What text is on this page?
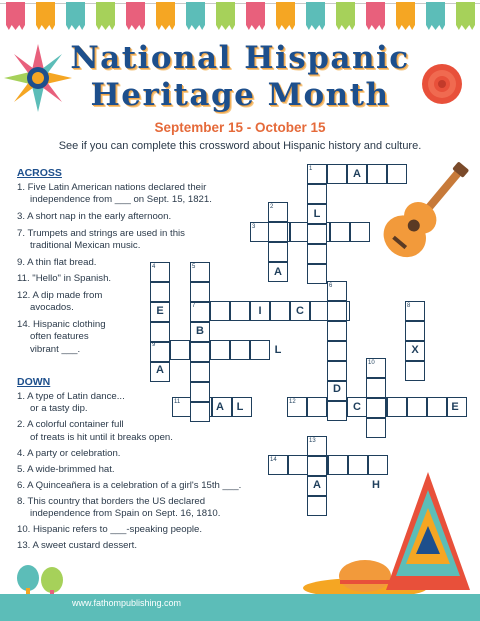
National Hispanic
Heritage Month
September 15 - October 15
See if you can complete this crossword about Hispanic history and culture.
ACROSS
1. Five Latin American nations declared their
independence from ___ on Sept. 15, 1821.
3. A short nap in the early afternoon.
7. Trumpets and strings are used in this
traditional Mexican music.
9. A thin flat bread.
11. "Hello" in Spanish.
12. A dip made from
avocados.
14. Hispanic clothing
often features
vibrant ___.
DOWN
1. A type of Latin dance...
or a tasty dip.
2. A colorful container full
of treats is hit until it breaks open.
4. A party or celebration.
5. A wide-brimmed hat.
6. A Quinceañera is a celebration of a girl's 15th ___.
8. This country that borders the US declared
independence from Spain on Sept. 16, 1810.
10. Hispanic refers to ___-speaking people.
13. A sweet custard dessert.
1
2
3
4	5
6
7	8
9
10
11	12
13
14
A
L
A
E	I	C
B
L	X
A
D
L
A	C	E
A	H
www.fathompublishing.com
